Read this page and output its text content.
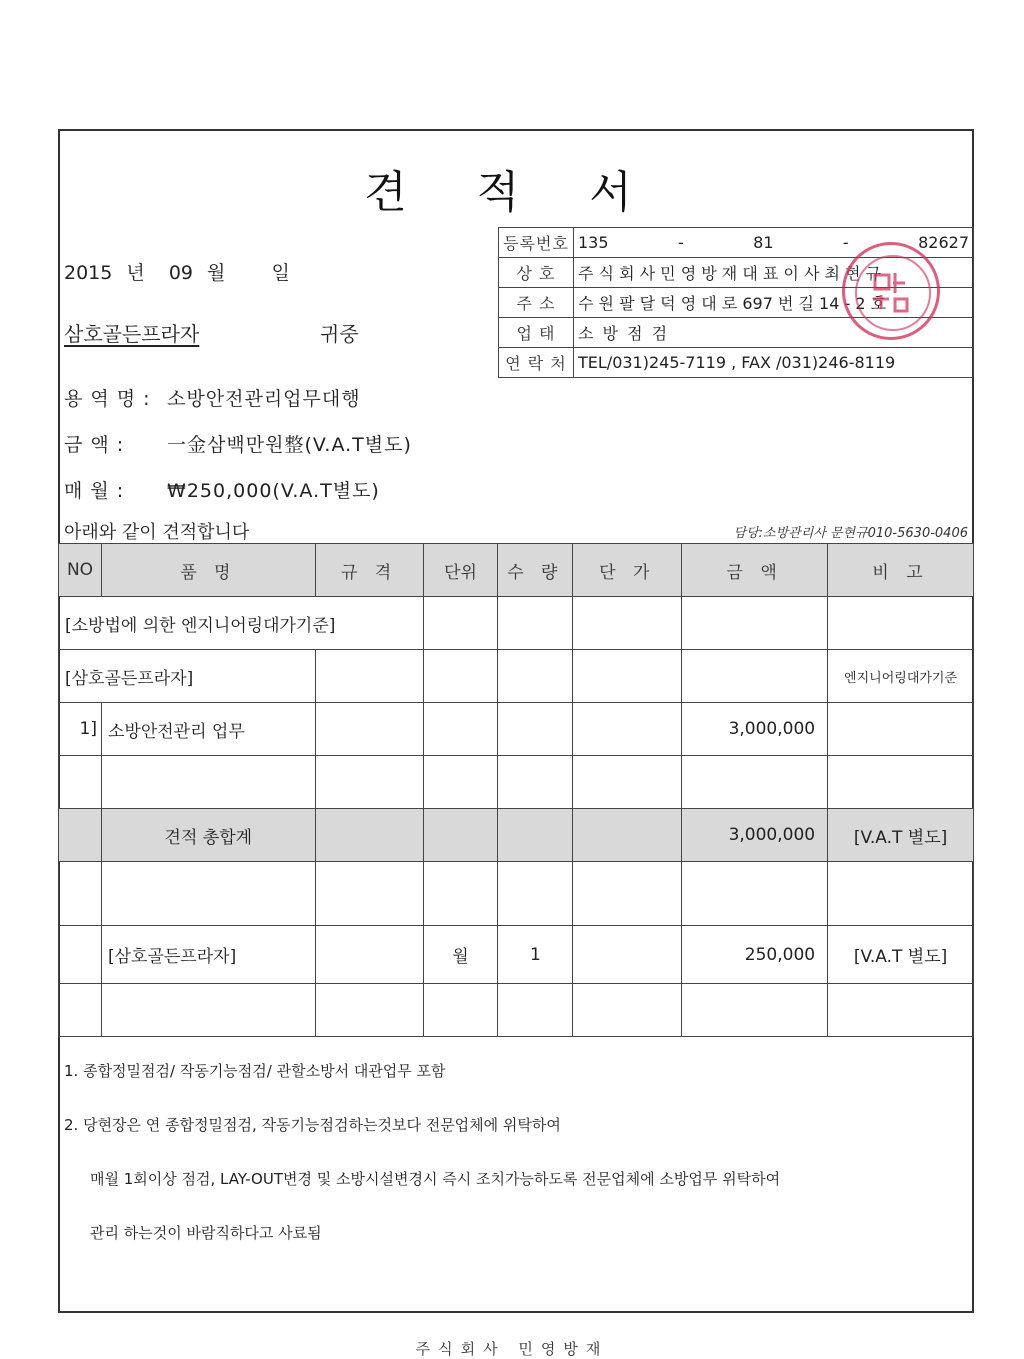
견 적 서
2015 년 09 월 일
삼호골든프라자	귀중
등록번호	135 - 81 - 82627

상 호	주 식 회 사 민 영 방 재 대 표 이 사 최 현 규
주 소	수 원 팔 달 덕 영 대 로 697 번 길 14 - 2 호
업 태	소 방 점 검
연 락 처	TEL/031)245-7119 , FAX /031)246-8119
용 역 명 : 소방안전관리업무대행
금 액 : 一金삼백만원整(V.A.T별도)
매 월 : ₩250,000(V.A.T별도)
아래와 같이 견적합니다	담당:소방관리사 문현규010-5630-0406
NO	품 명	규 격	단위	수 량	단 가	금 액	비 고
[소방법에 의한 엔지니어링대가기준]							
[삼호골든프라자]							엔지니어링대가기준
1]	소방안전관리 업무					3,000,000	

	견적 총합계					3,000,000	[V.A.T 별도]

	[삼호골든프라자]		월	1		250,000	[V.A.T 별도]

1. 종합정밀점검/ 작동기능점검/ 관할소방서 대관업무 포함
2. 당현장은 연 종합정밀점검, 작동기능점검하는것보다 전문업체에 위탁하여
매월 1회이상 점검, LAY-OUT변경 및 소방시설변경시 즉시 조치가능하도록 전문업체에 소방업무 위탁하여
관리 하는것이 바람직하다고 사료됨
주식회사 민영방재
